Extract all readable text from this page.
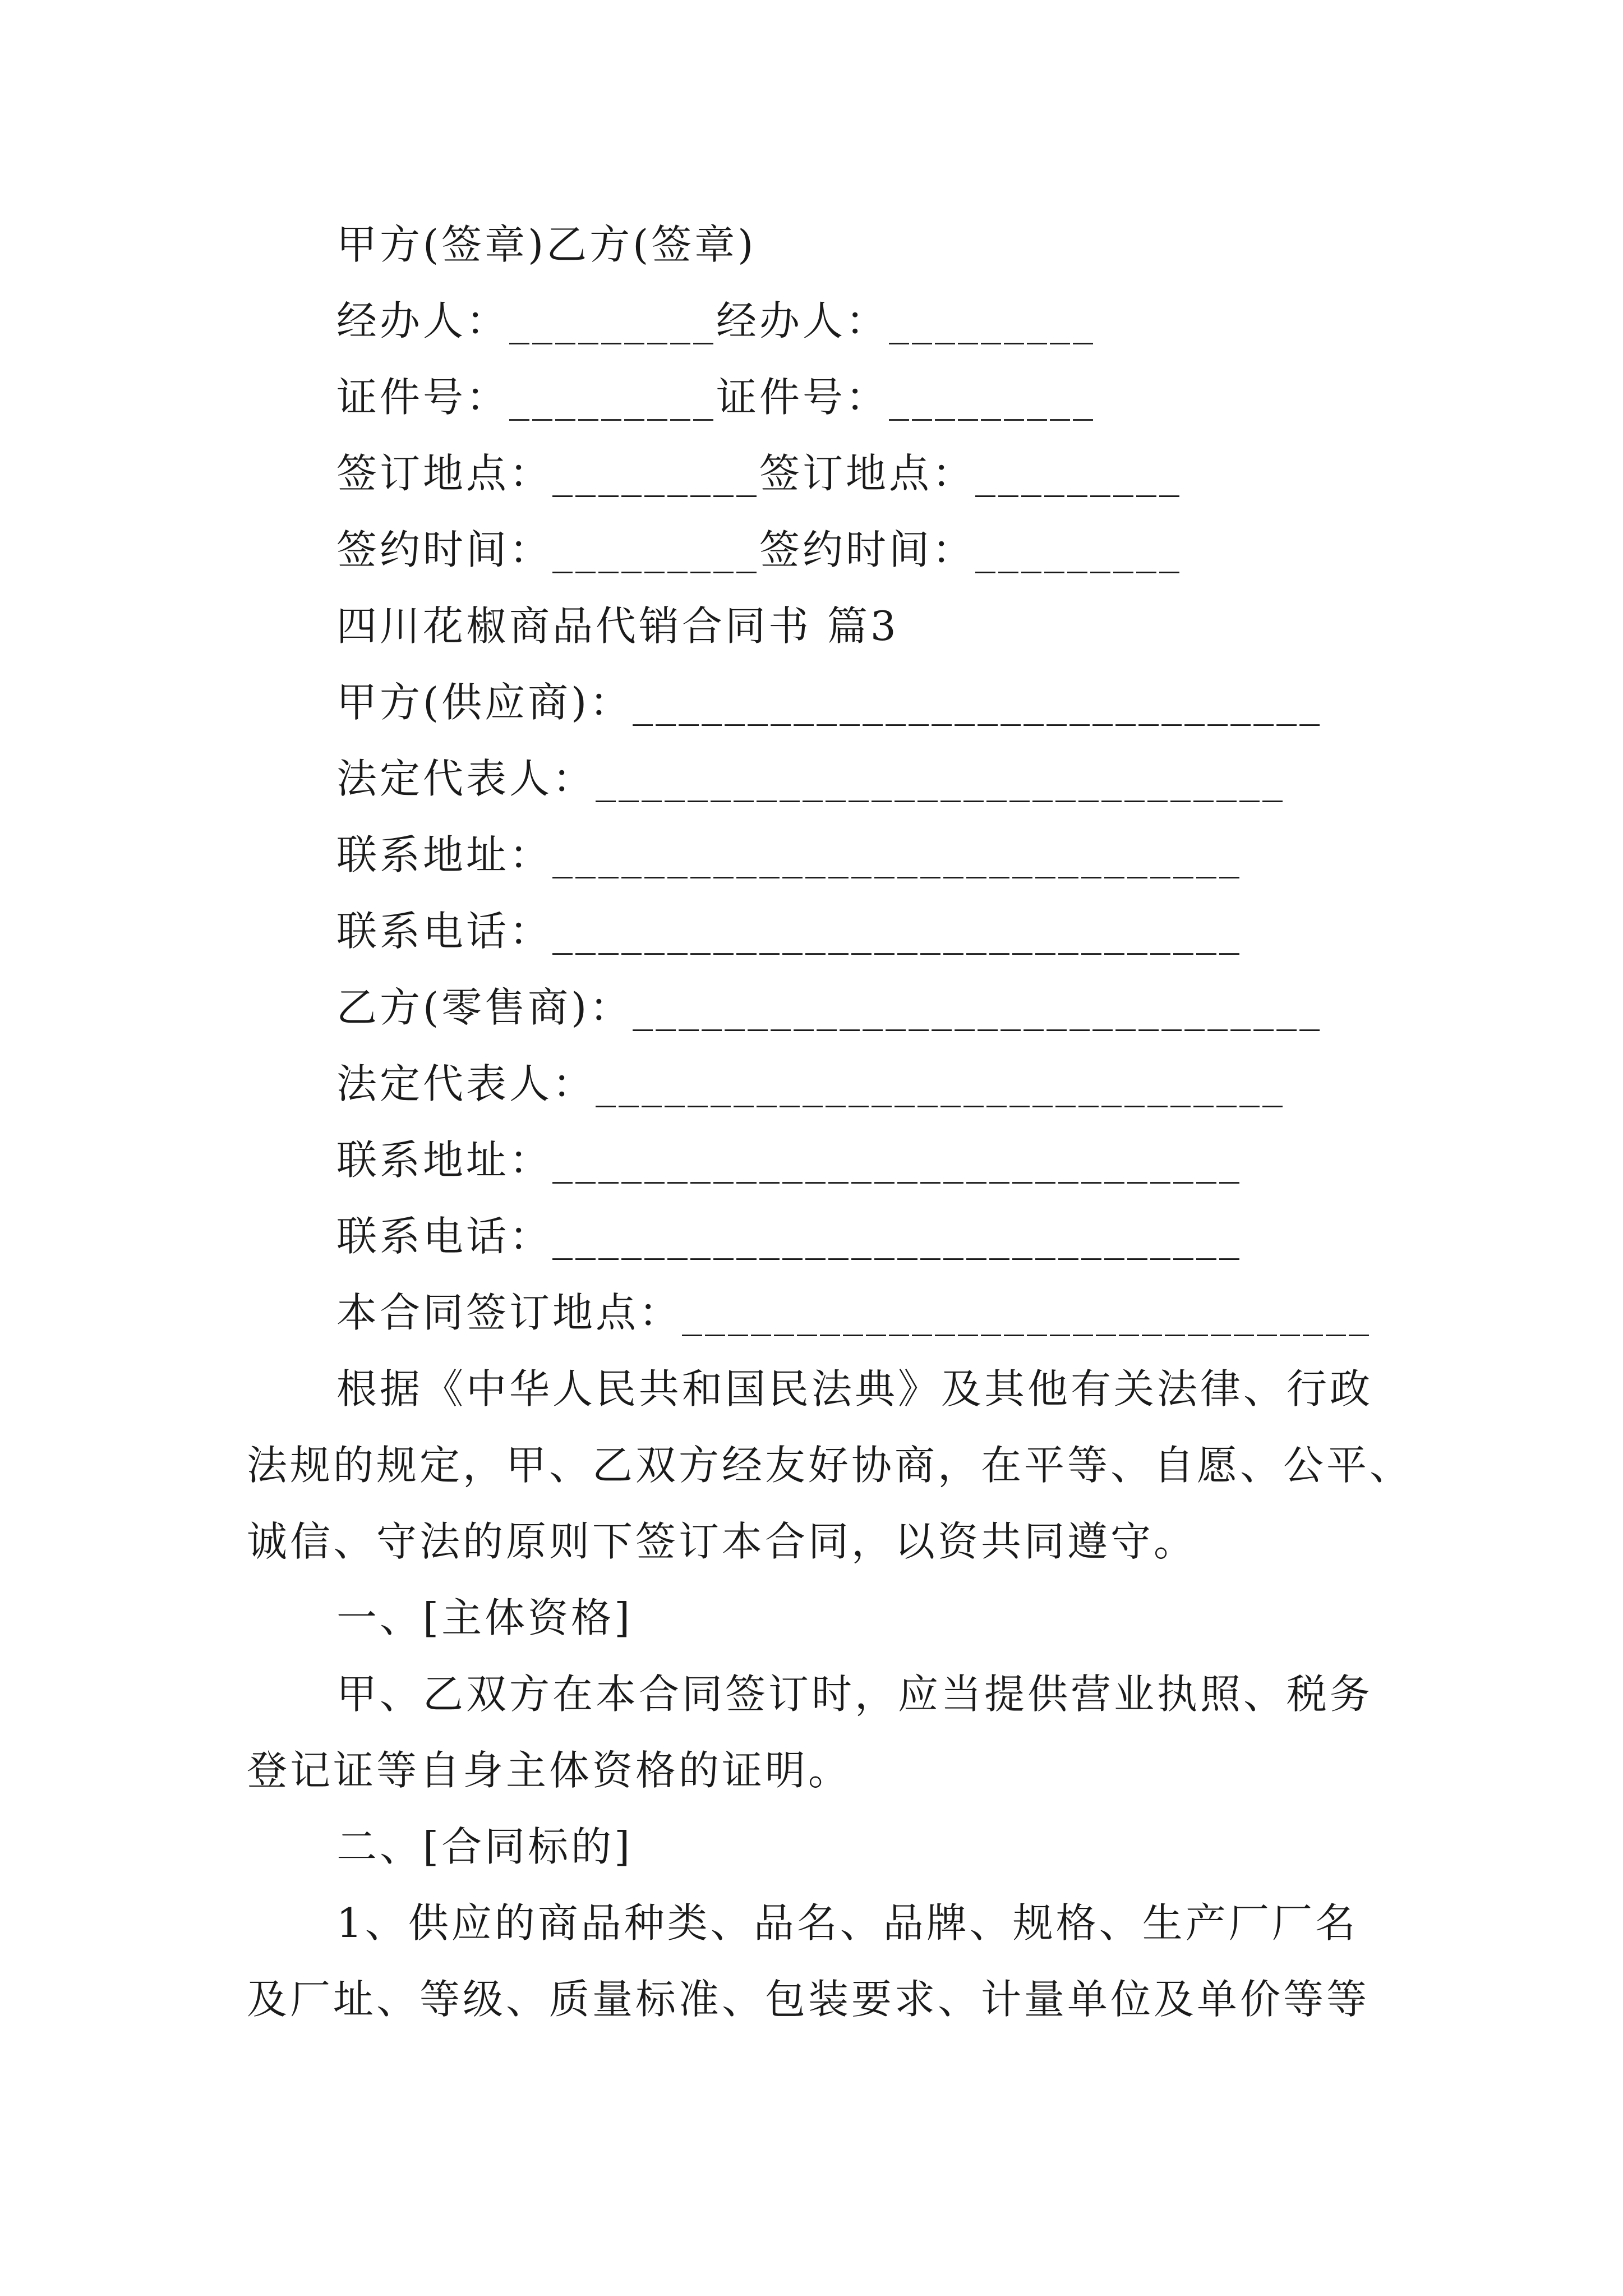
甲方(签章)乙方(签章)
经办人：_________经办人：_________
证件号：_________证件号：_________
签订地点：_________签订地点：_________
签约时间：_________签约时间：_________
四川花椒商品代销合同书 篇3
甲方(供应商)：______________________________
法定代表人：______________________________
联系地址：______________________________
联系电话：______________________________
乙方(零售商)：______________________________
法定代表人：______________________________
联系地址：______________________________
联系电话：______________________________
本合同签订地点：______________________________
根据《中华人民共和国民法典》及其他有关法律、行政
法规的规定，甲、乙双方经友好协商，在平等、自愿、公平、
诚信、守法的原则下签订本合同，以资共同遵守。
一、[主体资格]
甲、乙双方在本合同签订时，应当提供营业执照、税务
登记证等自身主体资格的证明。
二、[合同标的]
1、供应的商品种类、品名、品牌、规格、生产厂厂名
及厂址、等级、质量标准、包装要求、计量单位及单价等等
